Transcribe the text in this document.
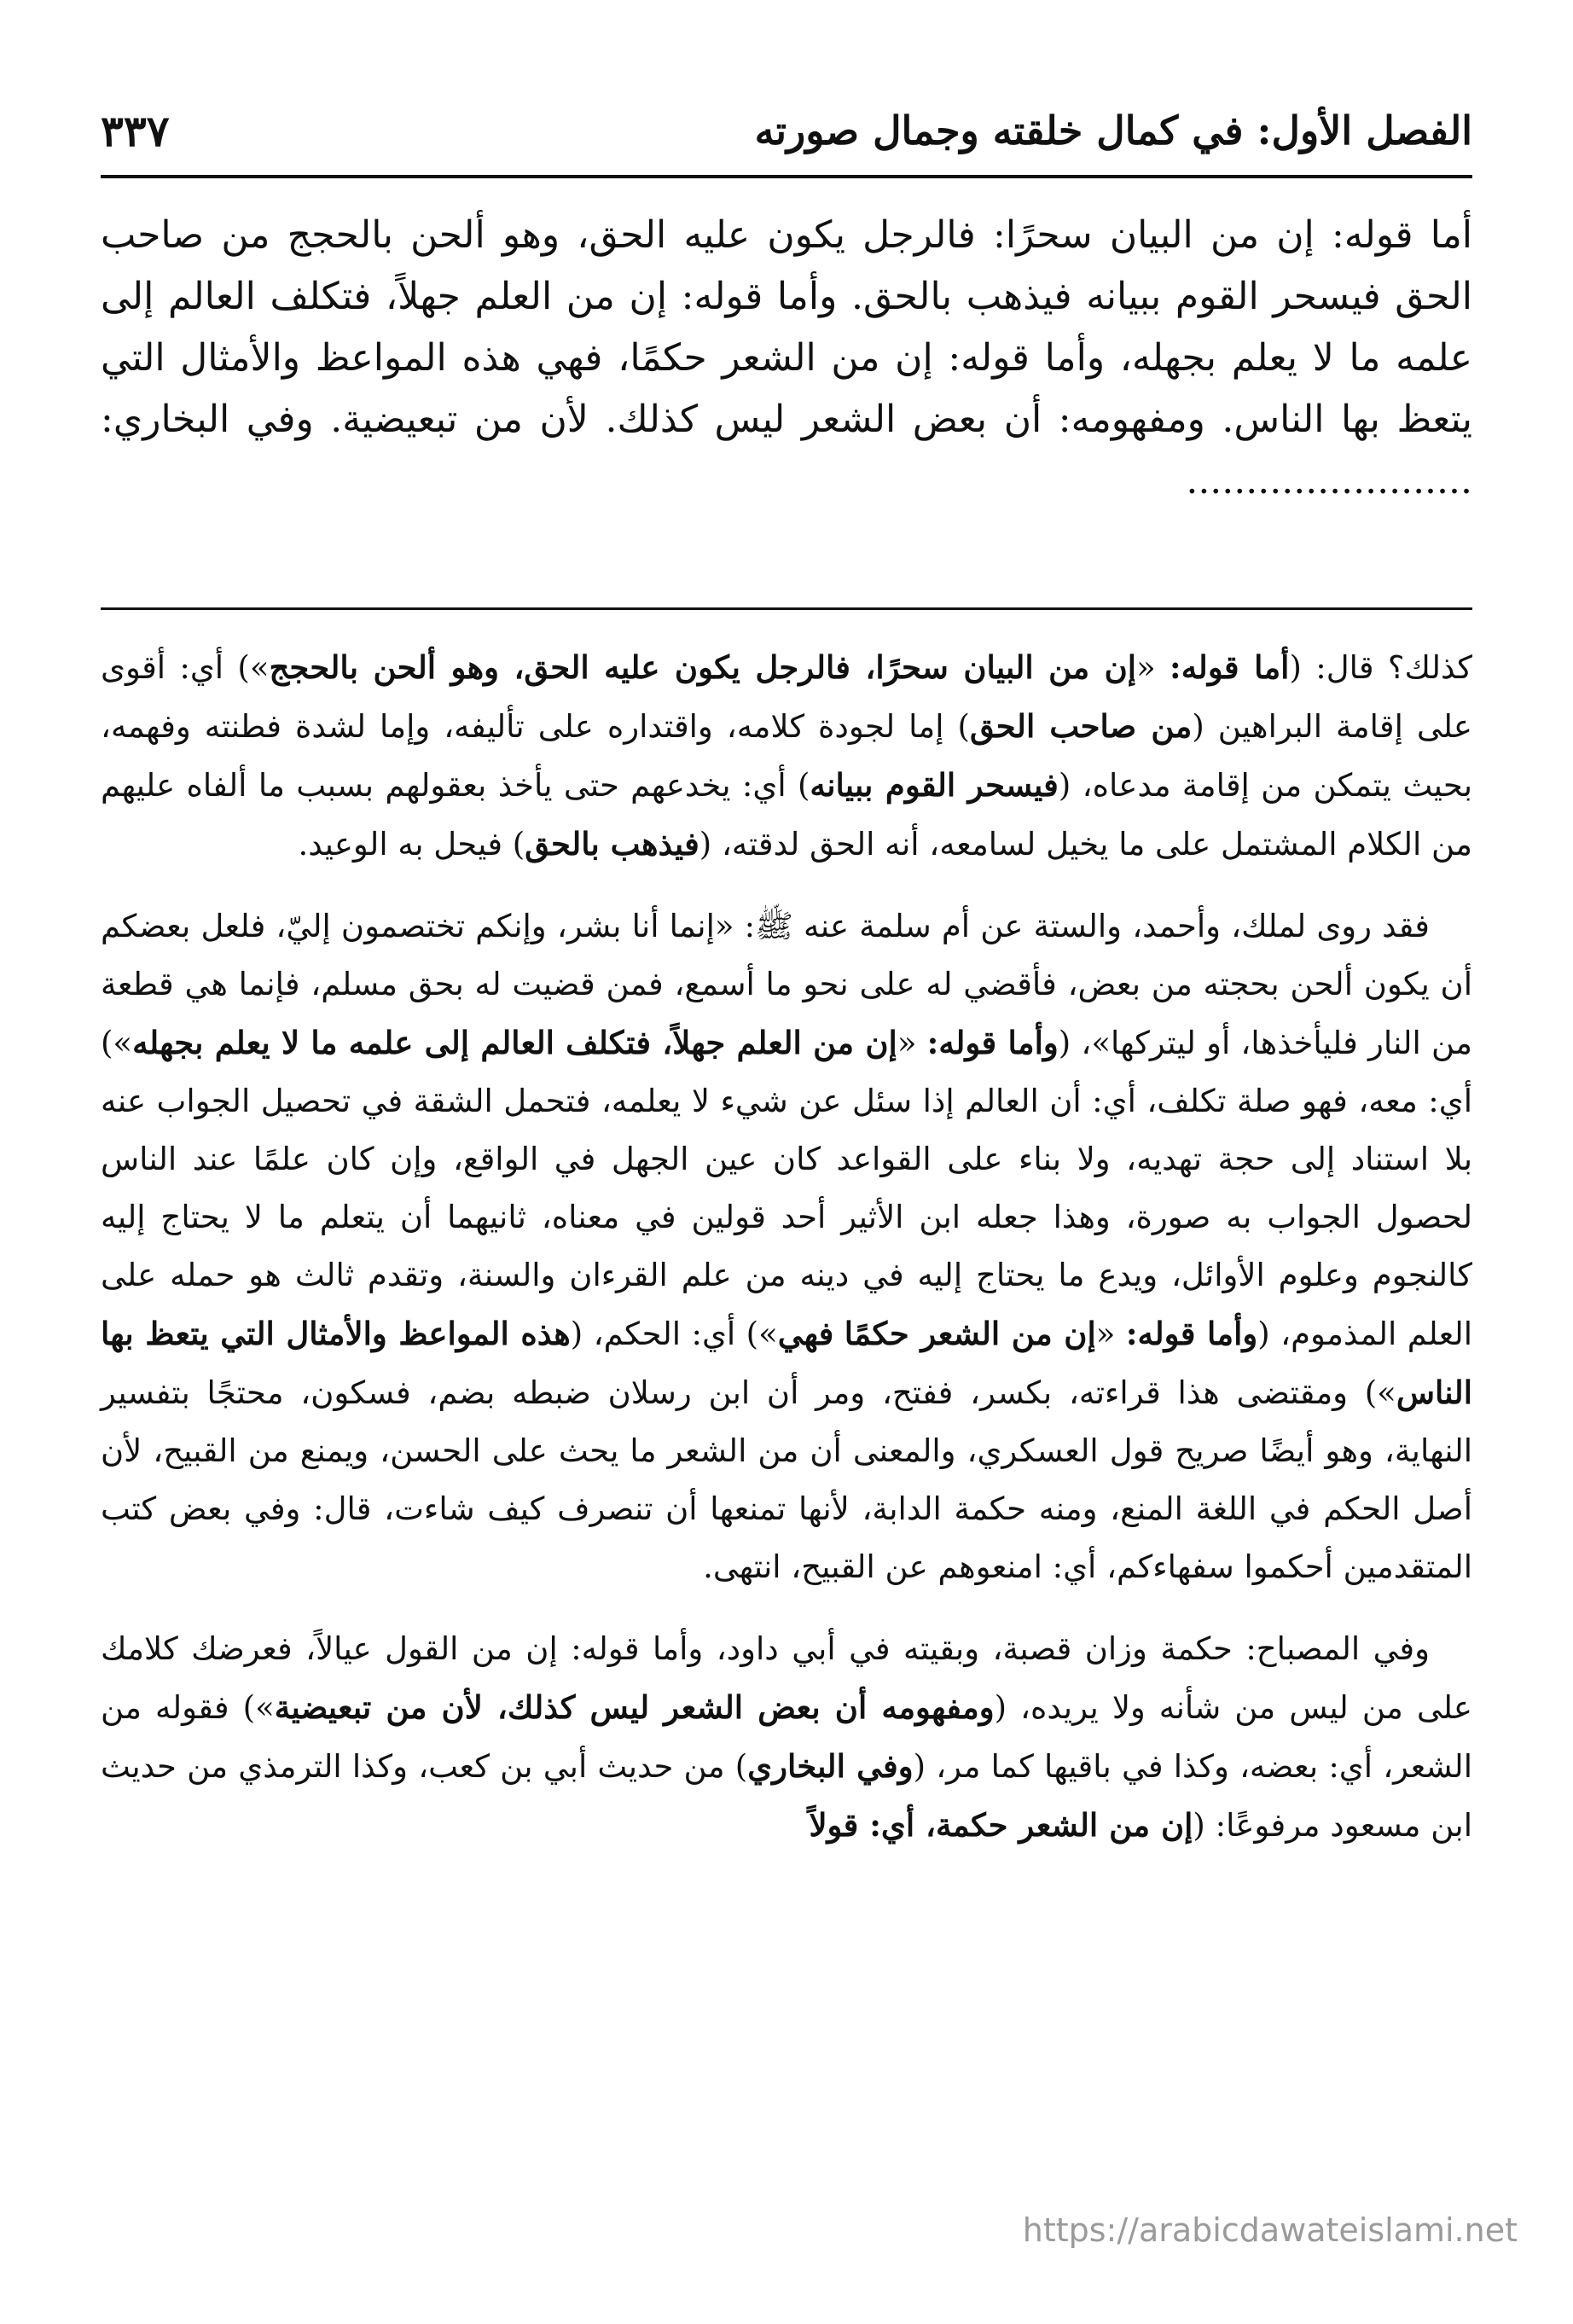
الفصل الأول: في كمال خلقته وجمال صورته
٣٣٧

أما قوله: إن من البيان سحرًا: فالرجل يكون عليه الحق، وهو ألحن بالحجج من صاحب الحق فيسحر القوم ببيانه فيذهب بالحق. وأما قوله: إن من العلم جهلاً، فتكلف العالم إلى علمه ما لا يعلم بجهله، وأما قوله: إن من الشعر حكمًا، فهي هذه المواعظ والأمثال التي يتعظ بها الناس. ومفهومه: أن بعض الشعر ليس كذلك. لأن من تبعيضية. وفي البخاري: ........................

كذلك؟ قال: (أما قوله: «إن من البيان سحرًا، فالرجل يكون عليه الحق، وهو ألحن بالحجج») أي: أقوى على إقامة البراهين (من صاحب الحق) إما لجودة كلامه، واقتداره على تأليفه، وإما لشدة فطنته وفهمه، بحيث يتمكن من إقامة مدعاه، (فيسحر القوم ببيانه) أي: يخدعهم حتى يأخذ بعقولهم بسبب ما ألفاه عليهم من الكلام المشتمل على ما يخيل لسامعه، أنه الحق لدقته، (فيذهب بالحق) فيحل به الوعيد.

فقد روى لملك، وأحمد، والستة عن أم سلمة عنه ﷺ: «إنما أنا بشر، وإنكم تختصمون إليّ، فلعل بعضكم أن يكون ألحن بحجته من بعض، فأقضي له على نحو ما أسمع، فمن قضيت له بحق مسلم، فإنما هي قطعة من النار فليأخذها، أو ليتركها»، (وأما قوله: «إن من العلم جهلاً، فتكلف العالم إلى علمه ما لا يعلم بجهله») أي: معه، فهو صلة تكلف، أي: أن العالم إذا سئل عن شيء لا يعلمه، فتحمل الشقة في تحصيل الجواب عنه بلا استناد إلى حجة تهديه، ولا بناء على القواعد كان عين الجهل في الواقع، وإن كان علمًا عند الناس لحصول الجواب به صورة، وهذا جعله ابن الأثير أحد قولين في معناه، ثانيهما أن يتعلم ما لا يحتاج إليه كالنجوم وعلوم الأوائل، ويدع ما يحتاج إليه في دينه من علم القرءان والسنة، وتقدم ثالث هو حمله على العلم المذموم، (وأما قوله: «إن من الشعر حكمًا فهي») أي: الحكم، (هذه المواعظ والأمثال التي يتعظ بها الناس») ومقتضى هذا قراءته، بكسر، ففتح، ومر أن ابن رسلان ضبطه بضم، فسكون، محتجًا بتفسير النهاية، وهو أيضًا صريح قول العسكري، والمعنى أن من الشعر ما يحث على الحسن، ويمنع من القبيح، لأن أصل الحكم في اللغة المنع، ومنه حكمة الدابة، لأنها تمنعها أن تنصرف كيف شاءت، قال: وفي بعض كتب المتقدمين أحكموا سفهاءكم، أي: امنعوهم عن القبيح، انتهى.

وفي المصباح: حكمة وزان قصبة، وبقيته في أبي داود، وأما قوله: إن من القول عيالاً، فعرضك كلامك على من ليس من شأنه ولا يريده، (ومفهومه أن بعض الشعر ليس كذلك، لأن من تبعيضية») فقوله من الشعر، أي: بعضه، وكذا في باقيها كما مر، (وفي البخاري) من حديث أبي بن كعب، وكذا الترمذي من حديث ابن مسعود مرفوعًا: (إن من الشعر حكمة، أي: قولاً

https://arabicdawateislami.net
